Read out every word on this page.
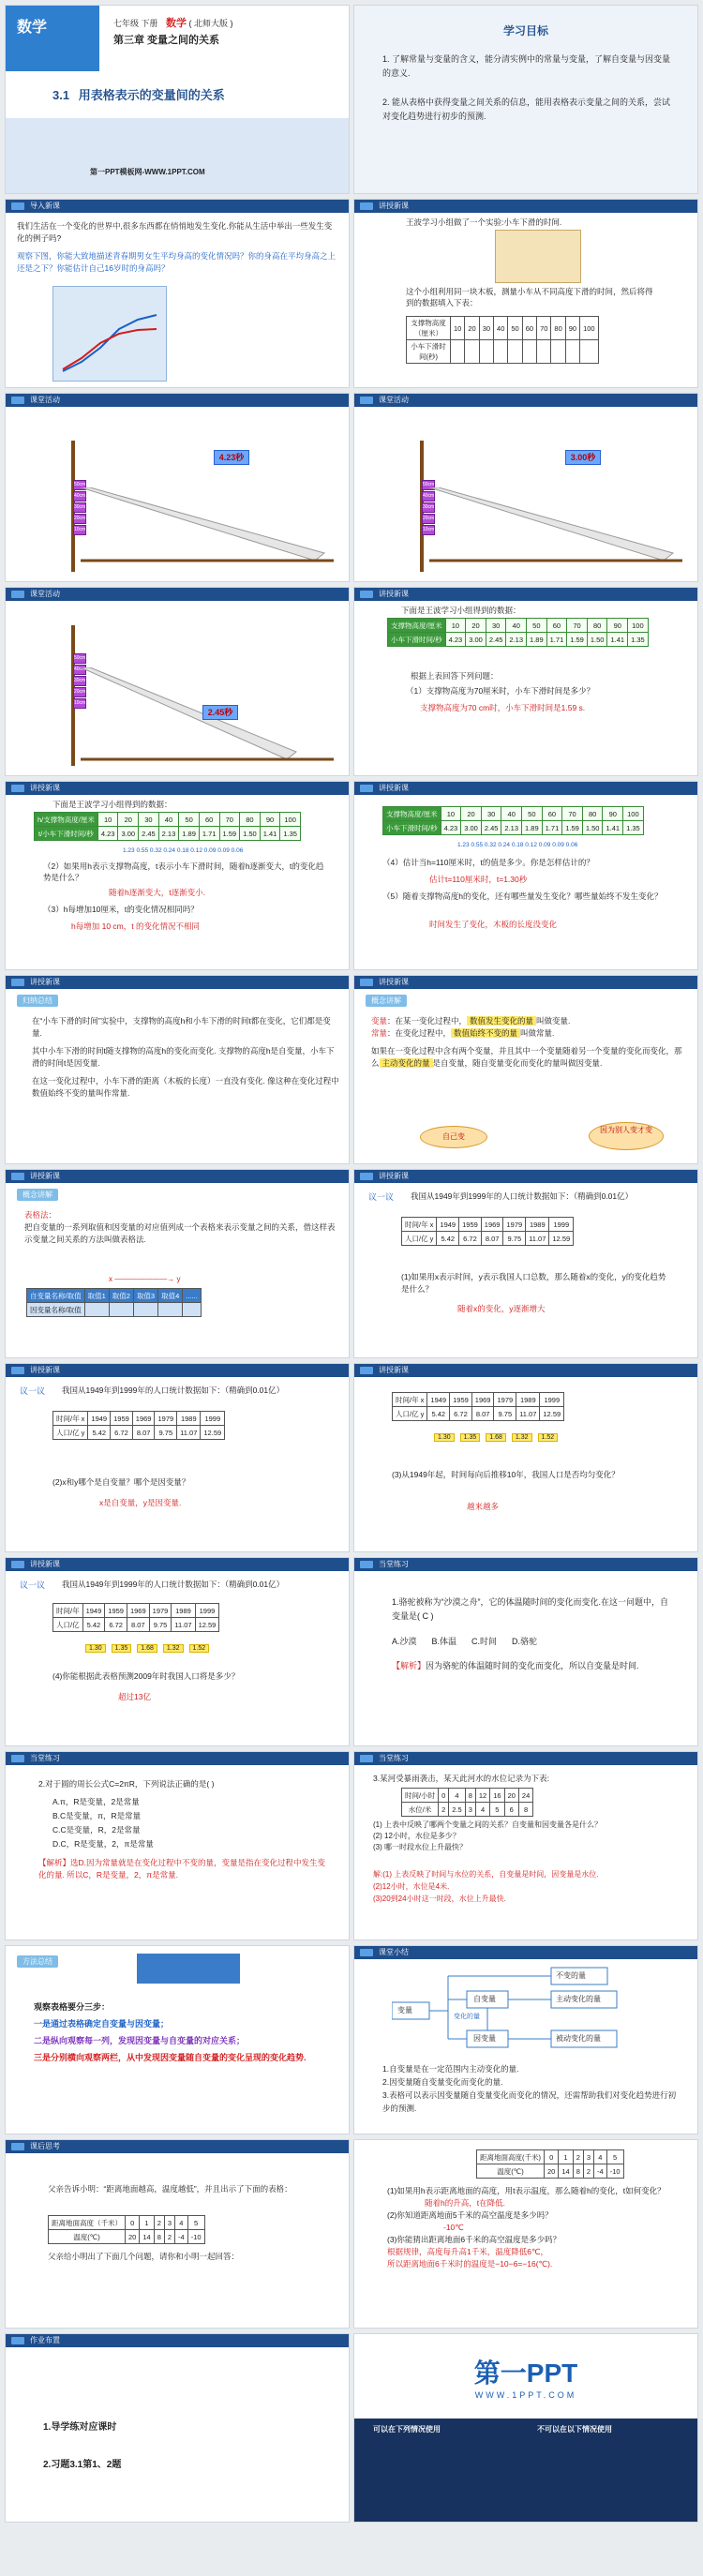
数学	七年级 下册 数学 ( 北师大版 )
第三章 变量之间的关系
3.1 用表格表示的变量间的关系
第一PPT模板网-WWW.1PPT.COM
学习目标
1. 了解常量与变量的含义，能分清实例中的常量与变量，了解自变量与因变量的意义.
2. 能从表格中获得变量之间关系的信息，能用表格表示变量之间的关系，尝试对变化趋势进行初步的预测.
导入新课
我们生活在一个变化的世界中,很多东西都在悄悄地发生变化.你能从生活中举出一些发生变化的例子吗?
观察下图，你能大致地描述青春期男女生平均身高的变化情况吗？你的身高在平均身高之上还是之下？你能估计自己16岁时的身高吗？
讲授新课
王波学习小组做了一个实验:小车下滑的时间.
这个小组利用同一块木板，测量小车从不同高度下滑的时间，然后将得到的数据填入下表：
支撑物高度（厘米）	10	20	30	40	50	60	70	80	90	100
小车下滑时间(秒)										
课堂活动
50cm
40cm
30cm
20cm
10cm
4.23秒
课堂活动
50cm
40cm
30cm
20cm
10cm
3.00秒
课堂活动
50cm
40cm
30cm
20cm
10cm
2.45秒
讲授新课
下面是王波学习小组得到的数据：
支撑物高度/厘米	10	20	30	40	50	60	70	80	90	100
小车下滑时间/秒	4.23	3.00	2.45	2.13	1.89	1.71	1.59	1.50	1.41	1.35
根据上表回答下列问题：
（1）支撑物高度为70厘米时，小车下滑时间是多少？
支撑物高度为70 cm时，小车下滑时间是1.59 s.
讲授新课
下面是王波学习小组得到的数据：
h/支撑物高度/厘米	10	20	30	40	50	60	70	80	90	100
t/小车下滑时间/秒	4.23	3.00	2.45	2.13	1.89	1.71	1.59	1.50	1.41	1.35
1.23 0.55 0.32 0.24 0.18 0.12 0.09 0.09 0.06
（2）如果用h表示支撑物高度，t表示小车下滑时间，随着h逐渐变大，t的变化趋势是什么？
随着h逐渐变大，t逐渐变小.
（3）h每增加10厘米，t的变化情况相同吗？
h每增加 10 cm，t 的变化情况不相同
讲授新课
支撑物高度/厘米	10	20	30	40	50	60	70	80	90	100
小车下滑时间/秒	4.23	3.00	2.45	2.13	1.89	1.71	1.59	1.50	1.41	1.35
1.23 0.55 0.32 0.24 0.18 0.12 0.09 0.09 0.06
（4）估计当h=110厘米时，t的值是多少。你是怎样估计的？
估计t=110厘米时，t=1.30秒
（5）随着支撑物高度h的变化，还有哪些量发生变化？哪些量始终不发生变化？
时间发生了变化，木板的长度没变化
讲授新课
归纳总结
在“小车下滑的时间”实验中，支撑物的高度h和小车下滑的时间t都在变化，它们都是变量.
其中小车下滑的时间t随支撑物的高度h的变化而变化. 支撑物的高度h是自变量，小车下滑的时间t是因变量.
在这一变化过程中，小车下滑的距离（木板的长度）一直没有变化. 像这种在变化过程中数值始终不变的量叫作常量.
讲授新课
概念讲解
变量：在某一变化过程中， 数值发生变化的量 叫做变量.
常量：在变化过程中， 数值始终不变的量 叫做常量.
如果在一变化过程中含有两个变量，并且其中一个变量随着另一个变量的变化而变化，那么 主动变化的量 是自变量，随自变量变化而变化的量叫做因变量.
自己变
因为别人变才变
讲授新课
概念讲解
表格法：
把自变量的一系列取值和因变量的对应值列成一个表格来表示变量之间的关系，借这样表示变量之间关系的方法叫做表格法.
x ———————→ y
自变量名称/取值	取值1	取值2	取值3	取值4	......
因变量名称/取值					
讲授新课
议一议 我国从1949年到1999年的人口统计数据如下：（精确到0.01亿）
时间/年 x	1949	1959	1969	1979	1989	1999
人口/亿 y	5.42	6.72	8.07	9.75	11.07	12.59
(1)如果用x表示时间，y表示我国人口总数，那么随着x的变化，y的变化趋势是什么？
随着x的变化，y逐渐增大
讲授新课
议一议 我国从1949年到1999年的人口统计数据如下：（精确到0.01亿）
时间/年 x	1949	1959	1969	1979	1989	1999
人口/亿 y	5.42	6.72	8.07	9.75	11.07	12.59
(2)x和y哪个是自变量？哪个是因变量？
x是自变量，y是因变量.
讲授新课
时间/年 x	1949	1959	1969	1979	1989	1999
人口/亿 y	5.42	6.72	8.07	9.75	11.07	12.59
1.30 1.35 1.68 1.32 1.52
(3)从1949年起，时间每向后推移10年，我国人口是否均匀变化？
越来越多
讲授新课
议一议 我国从1949年到1999年的人口统计数据如下：（精确到0.01亿）
时间/年	1949	1959	1969	1979	1989	1999
人口/亿	5.42	6.72	8.07	9.75	11.07	12.59
1.30 1.35 1.68 1.32 1.52
(4)你能根据此表格预测2009年时我国人口将是多少？
超过13亿
当堂练习
1.骆驼被称为“沙漠之舟”，它的体温随时间的变化而变化.在这一问题中，自变量是( C )
A.沙漠 B.体温 C.时间 D.骆驼
【解析】因为骆驼的体温随时间的变化而变化，所以自变量是时间.
当堂练习
2.对于圆的周长公式C=2πR，下列说法正确的是( )
A.π，R是变量，2是常量
B.C是变量，π，R是常量
C.C是变量，R，2是常量
D.C，R是变量，2，π是常量
【解析】选D.因为常量就是在变化过程中不变的量，变量是指在变化过程中发生变化的量. 所以C，R是变量，2，π是常量.
当堂练习
3.某河受暴雨袭击，某天此河水的水位记录为下表:
时间/小时	0	4	8	12	16	20	24
水位/米	2	2.5	3	4	5	6	8
(1) 上表中反映了哪两个变量之间的关系？自变量和因变量各是什么？
(2) 12小时，水位是多少？
(3) 哪一时段水位上升最快？
解:(1) 上表反映了时间与水位的关系，自变量是时间，因变量是水位.
(2)12小时，水位是4米.
(3)20到24小时这一时段，水位上升最快.
方法总结
观察表格要分三步：
一是通过表格确定自变量与因变量；
二是纵向观察每一列，发现因变量与自变量的对应关系；
三是分别横向观察两栏，从中发现因变量随自变量的变化呈现的变化趋势.
课堂小结
变量
不变的量
自变量	主动变化的量
因变量	被动变化的量
变化的量
1.自变量是在一定范围内主动变化的量.
2.因变量随自变量变化而变化的量.
3.表格可以表示因变量随自变量变化而变化的情况，还需帮助我们对变化趋势进行初步的预测.
课后思考
父亲告诉小明：“距离地面越高，温度越低”，并且出示了下面的表格：
距离地面高度（千米）	0	1	2	3	4	5
温度(℃)	20	14	8	2	-4	-10
父亲给小明出了下面几个问题，请你和小明一起回答：
距离地面高度(千米)	0	1	2	3	4	5
温度(℃)	20	14	8	2	-4	-10
(1)如果用h表示距离地面的高度，用t表示温度，那么随着h的变化，t如何变化？
随着h的升高，t在降低.
(2)你知道距离地面5千米的高空温度是多少吗？
-10℃
(3)你能猜出距离地面6千米的高空温度是多少吗？
根据规律，高度每升高1千米，温度降低6℃，
所以距离地面6千米时的温度是−10−6=−16(℃).
作业布置
1.导学练对应课时
2.习题3.1第1、2题
第一PPT
WWW.1PPT.COM
可以在下列情况使用	不可以在以下情况使用
